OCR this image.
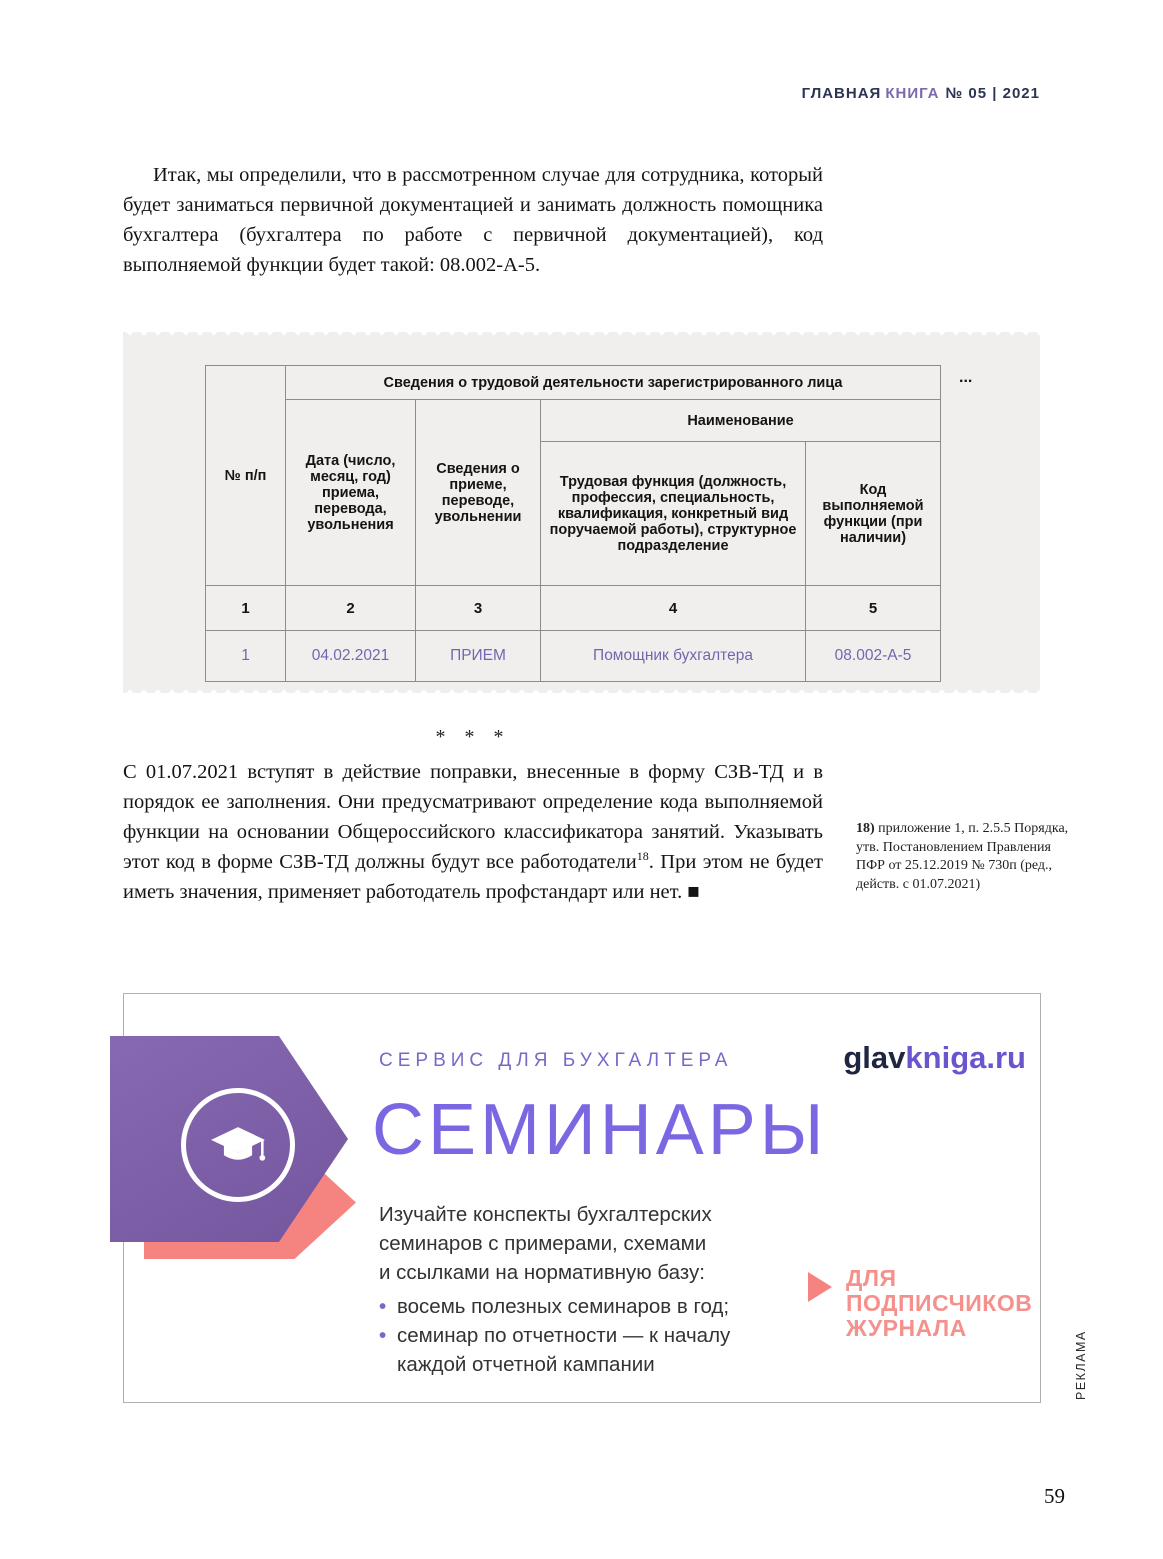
ГЛАВНАЯ КНИГА № 05 | 2021

Итак, мы определили, что в рассмотренном случае для сотрудника, который будет заниматься первичной документацией и занимать должность помощника бухгалтера (бухгалтера по работе с первичной документацией), код выполняемой функции будет такой: 08.002-А-5.

№ п/п	Сведения о трудовой деятельности зарегистрированного лица			
	Дата (число, месяц, год) приема, перевода, увольнения	Сведения о приеме, переводе, увольнении	Наименование	
			Трудовая функция (должность, профессия, специальность, квалификация, конкретный вид поручаемой работы), структурное подразделение	Код выполняемой функции (при наличии)
1	2	3	4	5
1	04.02.2021	ПРИЕМ	Помощник бухгалтера	08.002-А-5
...
* * *

С 01.07.2021 вступят в действие поправки, внесенные в форму СЗВ-ТД и в порядок ее заполнения. Они предусматривают определение кода выполняемой функции на основании Общероссийского классификатора занятий. Указывать этот код в форме СЗВ-ТД должны будут все работодатели$^{18}$. При этом не будет иметь значения, применяет работодатель профстандарт или нет. ■

18) приложение 1, п. 2.5.5 Порядка, утв. Постановлением Правления ПФР от 25.12.2019 № 730п (ред., действ. с 01.07.2021)
СЕРВИС ДЛЯ БУХГАЛТЕРА	glavkniga.ru
СЕМИНАРЫ
Изучайте конспекты бухгалтерских
семинаров с примерами, схемами
и ссылками на нормативную базу:
• восемь полезных семинаров в год;
• семинар по отчетности — к началу каждой отчетной кампании
ДЛЯ
ПОДПИСЧИКОВ
ЖУРНАЛА
РЕКЛАМА
59
